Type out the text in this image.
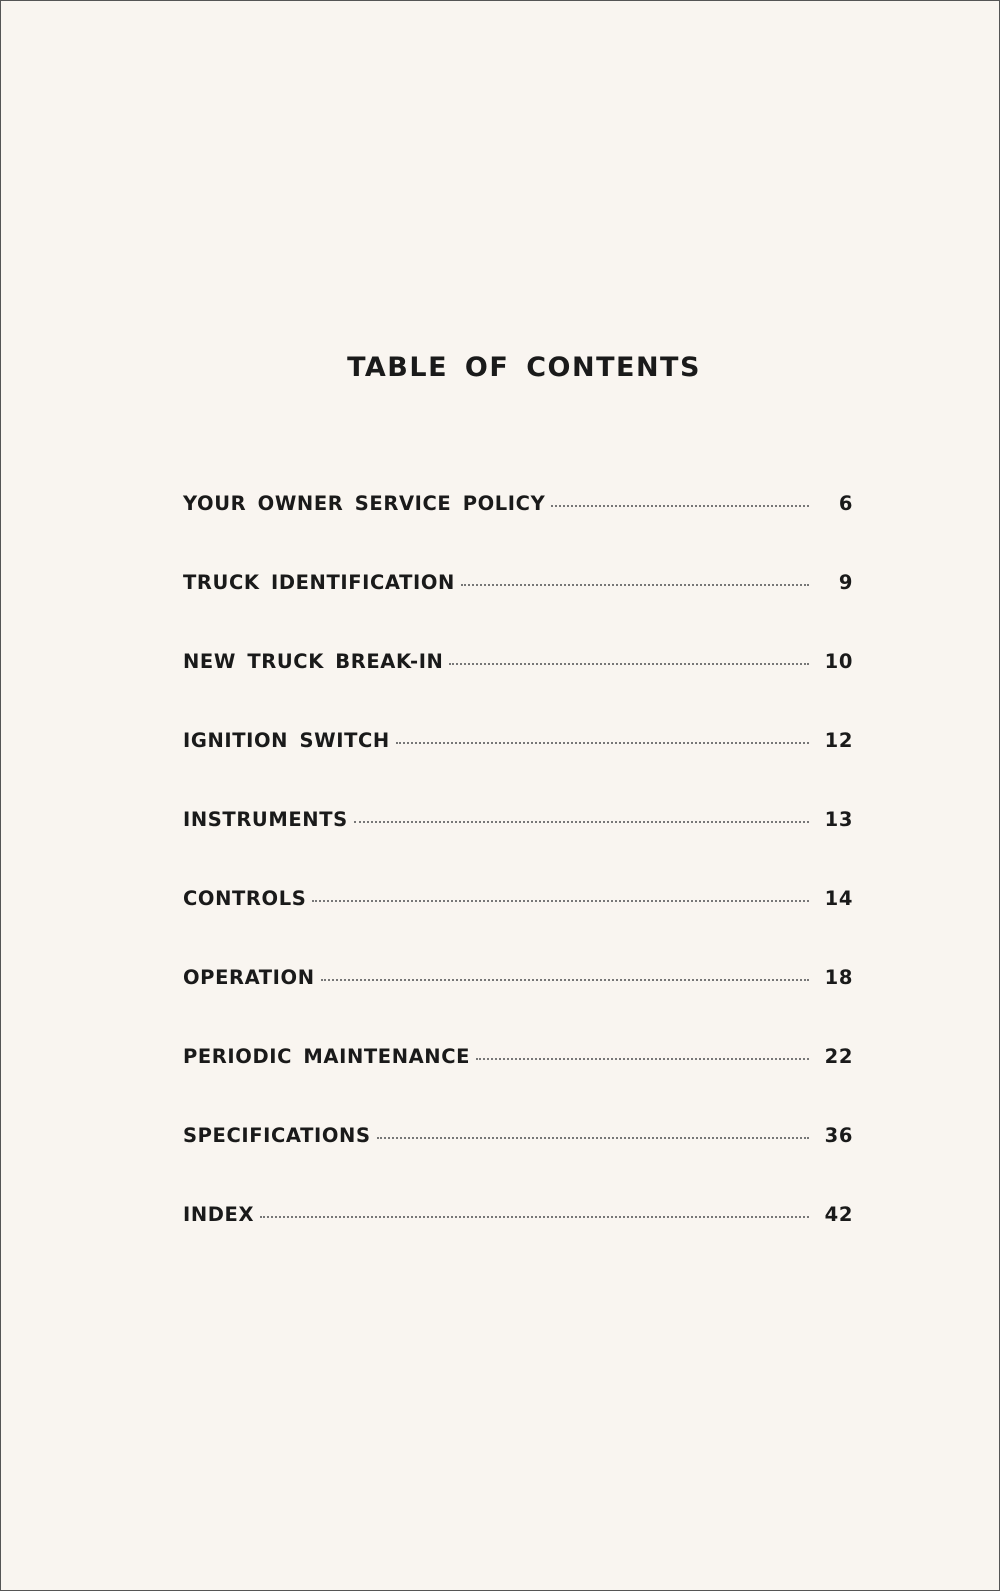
TABLE OF CONTENTS
YOUR OWNER SERVICE POLICY	6
TRUCK IDENTIFICATION	9
NEW TRUCK BREAK-IN	10
IGNITION SWITCH	12
INSTRUMENTS	13
CONTROLS	14
OPERATION	18
PERIODIC MAINTENANCE	22
SPECIFICATIONS	36
INDEX	42
